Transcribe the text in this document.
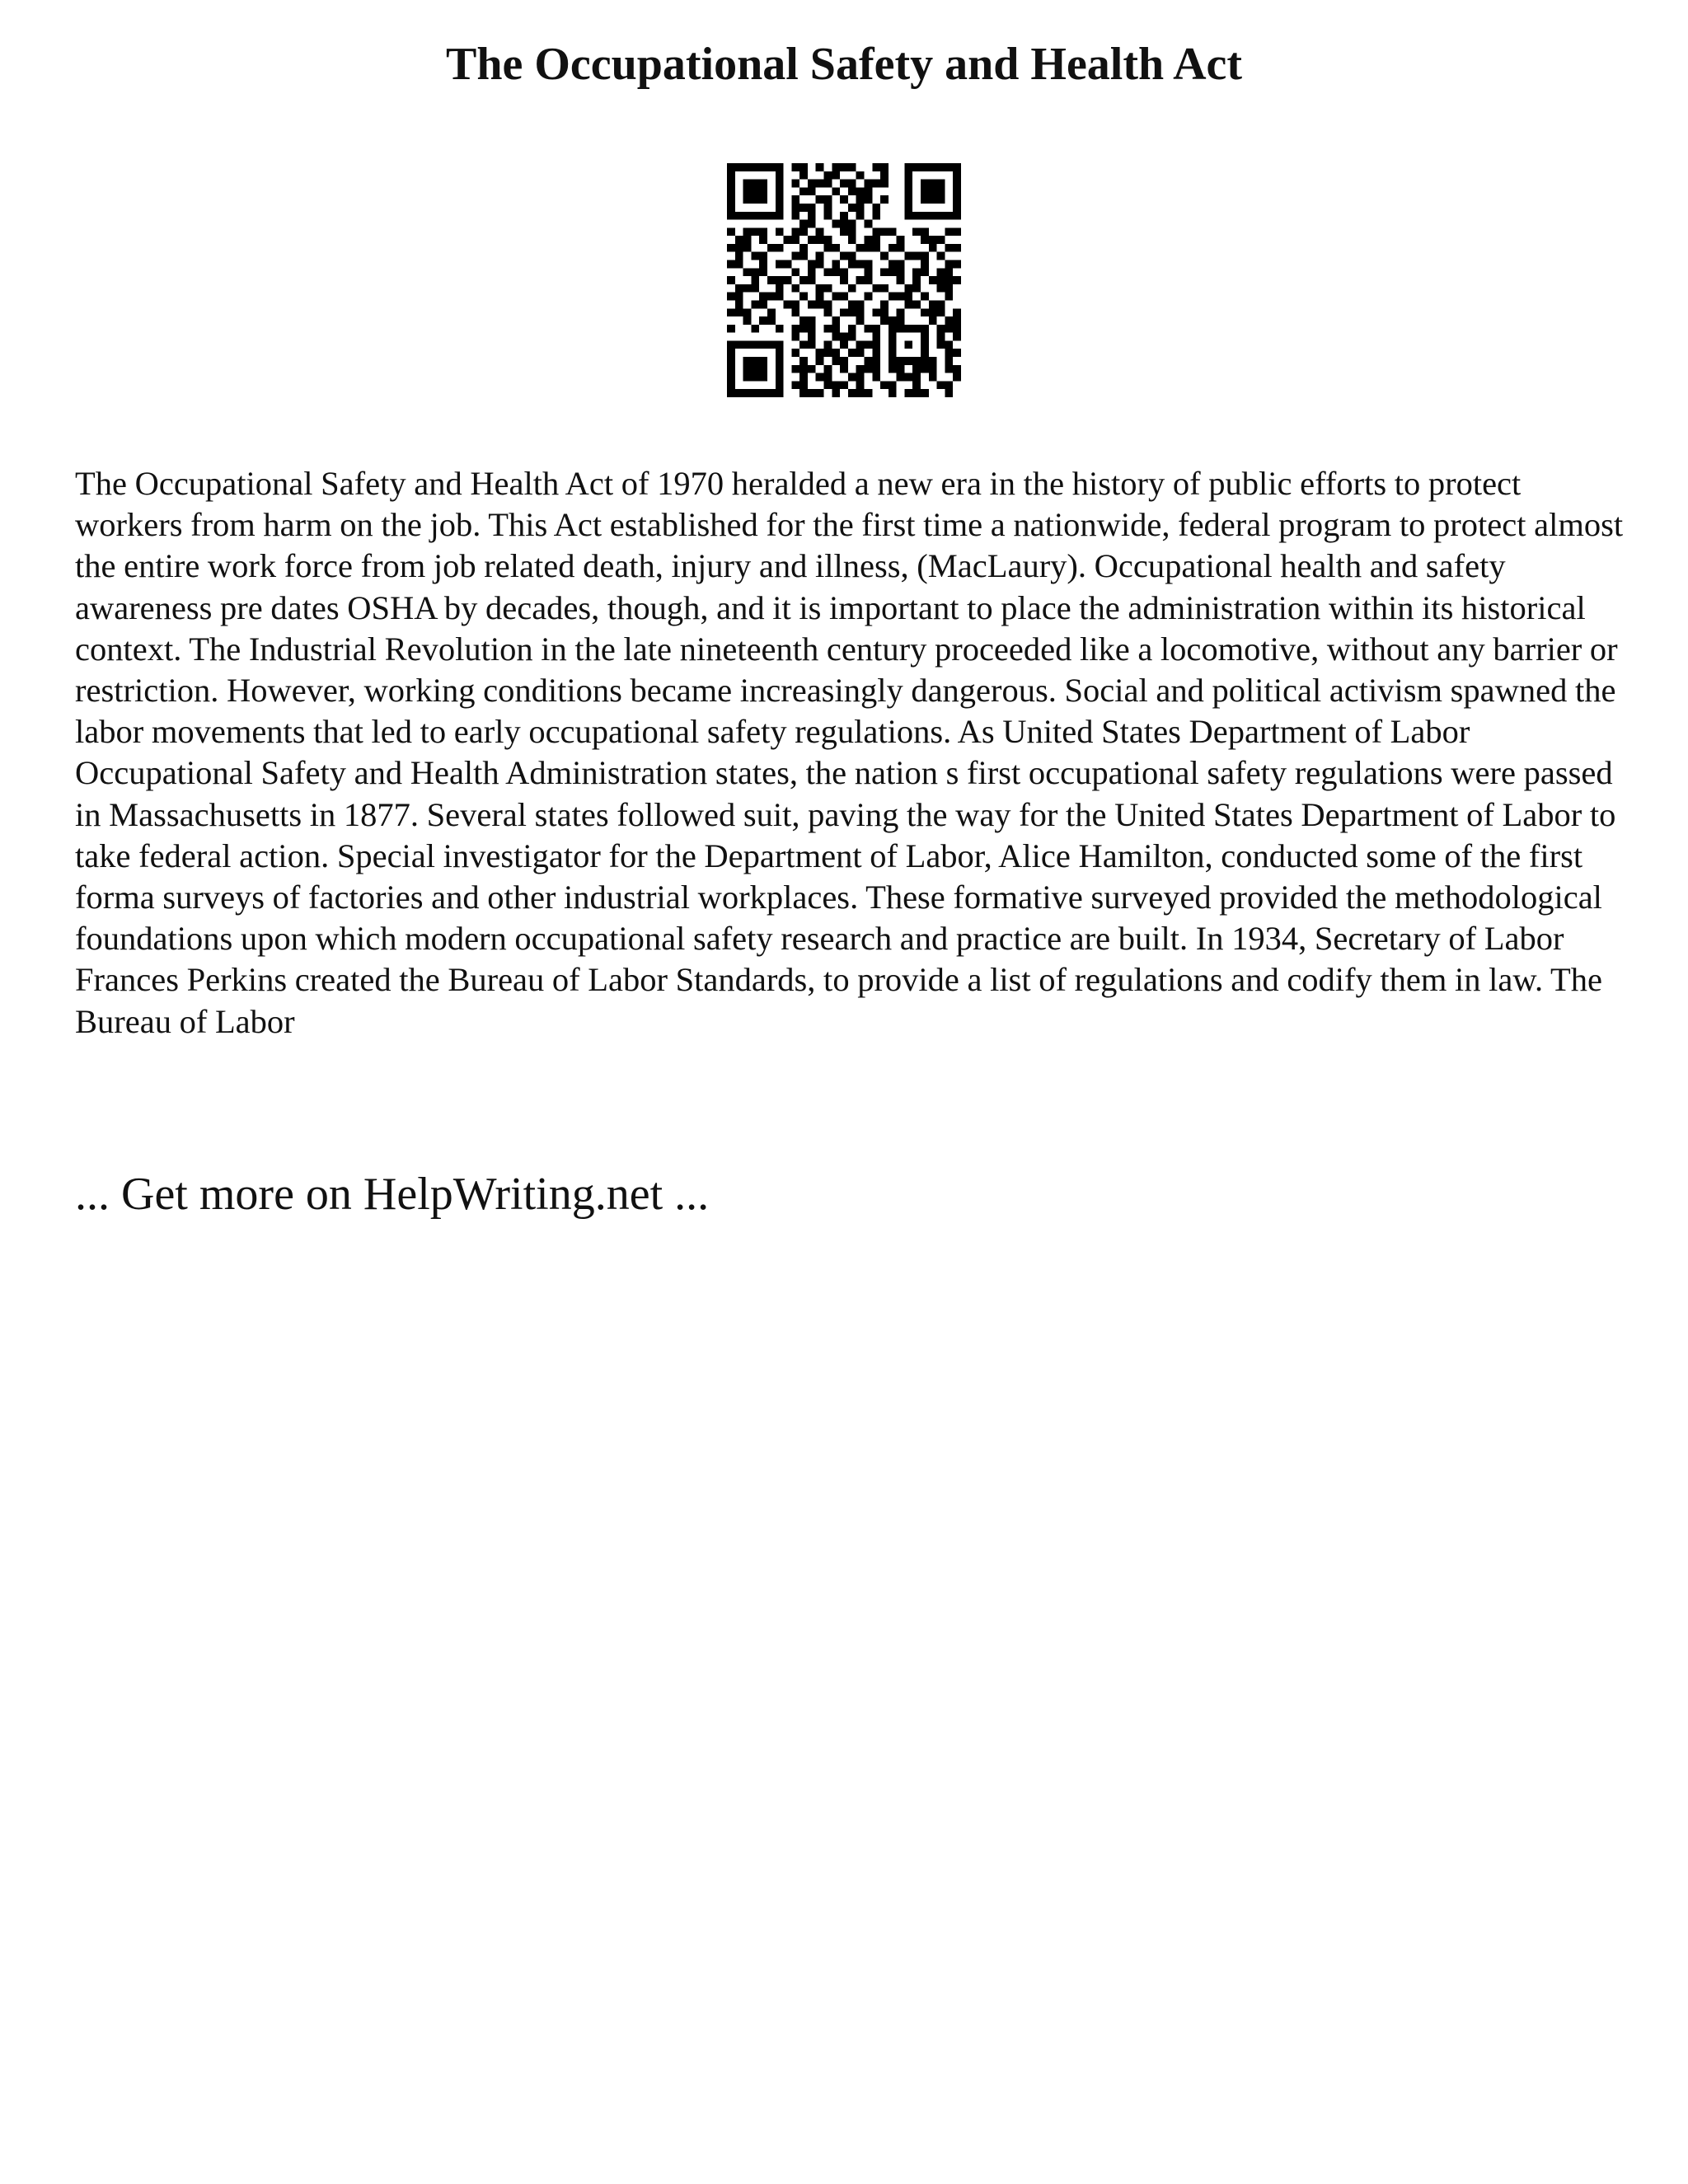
The Occupational Safety and Health Act

The Occupational Safety and Health Act of 1970 heralded a new era in the history of public efforts to protect workers from harm on the job. This Act established for the first time a nationwide, federal program to protect almost the entire work force from job related death, injury and illness, (MacLaury). Occupational health and safety awareness pre dates OSHA by decades, though, and it is important to place the administration within its historical context. The Industrial Revolution in the late nineteenth century proceeded like a locomotive, without any barrier or restriction. However, working conditions became increasingly dangerous. Social and political activism spawned the labor movements that led to early occupational safety regulations. As United States Department of Labor Occupational Safety and Health Administration states, the nation s first occupational safety regulations were passed in Massachusetts in 1877. Several states followed suit, paving the way for the United States Department of Labor to take federal action. Special investigator for the Department of Labor, Alice Hamilton, conducted some of the first forma surveys of factories and other industrial workplaces. These formative surveyed provided the methodological foundations upon which modern occupational safety research and practice are built. In 1934, Secretary of Labor Frances Perkins created the Bureau of Labor Standards, to provide a list of regulations and codify them in law. The Bureau of Labor

... Get more on HelpWriting.net ...
